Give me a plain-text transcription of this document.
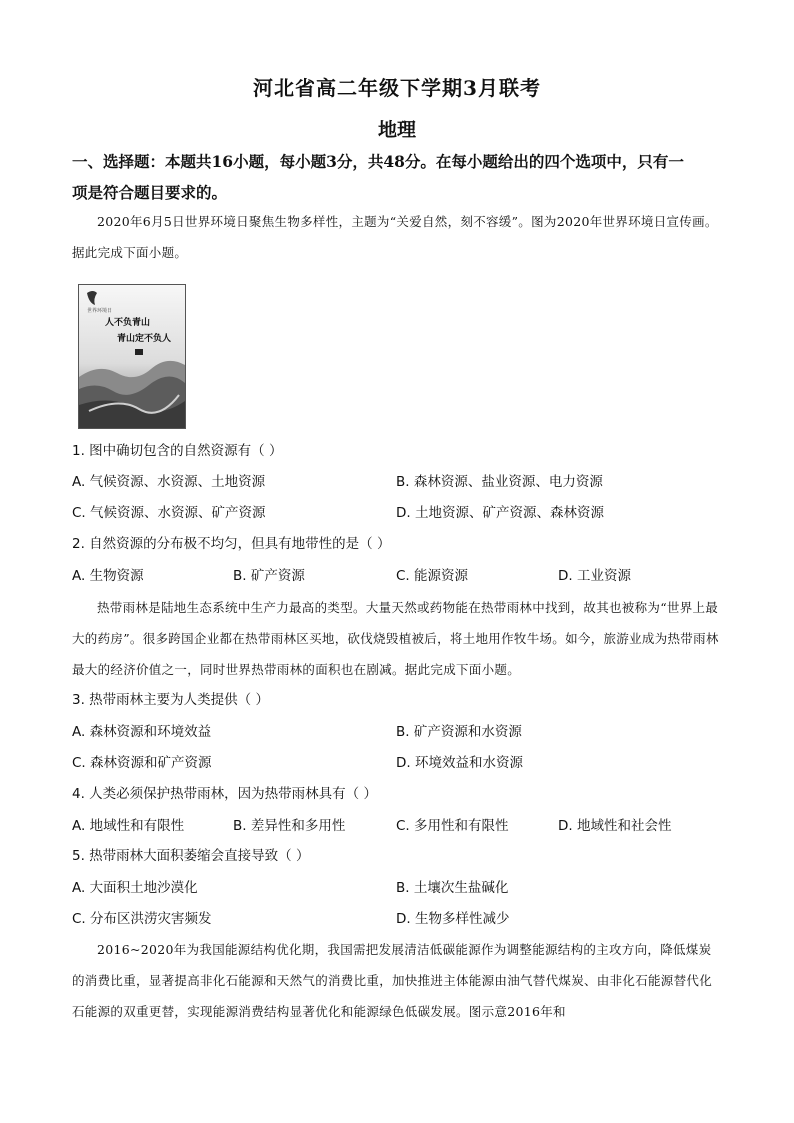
河北省高二年级下学期3月联考
地理
一、选择题：本题共16小题，每小题3分，共48分。在每小题给出的四个选项中，只有一
项是符合题目要求的。
2020年6月5日世界环境日聚焦生物多样性，主题为“关爱自然，刻不容缓”。图为2020年世界环境日宣传画。据此完成下面小题。
世界环境日
人不负青山
青山定不负人
1. 图中确切包含的自然资源有（ ）
A. 气候资源、水资源、土地资源	B. 森林资源、盐业资源、电力资源
C. 气候资源、水资源、矿产资源	D. 土地资源、矿产资源、森林资源
2. 自然资源的分布极不均匀，但具有地带性的是（ ）
A. 生物资源	B. 矿产资源	C. 能源资源	D. 工业资源
热带雨林是陆地生态系统中生产力最高的类型。大量天然或药物能在热带雨林中找到，故其也被称为“世界上最大的药房”。很多跨国企业都在热带雨林区买地，砍伐烧毁植被后，将土地用作牧牛场。如今，旅游业成为热带雨林最大的经济价值之一，同时世界热带雨林的面积也在剧减。据此完成下面小题。
3. 热带雨林主要为人类提供（ ）
A. 森林资源和环境效益	B. 矿产资源和水资源
C. 森林资源和矿产资源	D. 环境效益和水资源
4. 人类必须保护热带雨林，因为热带雨林具有（ ）
A. 地域性和有限性	B. 差异性和多用性	C. 多用性和有限性	D. 地域性和社会性
5. 热带雨林大面积萎缩会直接导致（ ）
A. 大面积土地沙漠化	B. 土壤次生盐碱化
C. 分布区洪涝灾害频发	D. 生物多样性减少
2016~2020年为我国能源结构优化期，我国需把发展清洁低碳能源作为调整能源结构的主攻方向，降低煤炭的消费比重，显著提高非化石能源和天然气的消费比重，加快推进主体能源由油气替代煤炭、由非化石能源替代化石能源的双重更替，实现能源消费结构显著优化和能源绿色低碳发展。图示意2016年和
